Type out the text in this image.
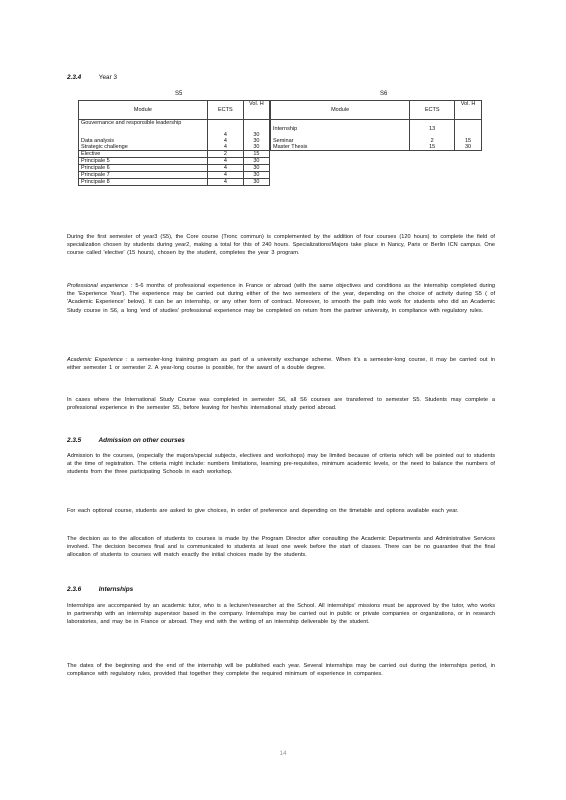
2.3.4	Year 3
S5	S6
Module	ECTS	Vol. H
Gouvernance and responsible leadership	4	30
Data analysis	4	30
Strategic challenge	4	30
Elective	2	15
Principale 5	4	30
Principale 6	4	30
Principale 7	4	30
Principale 8	4	30
Module	ECTS	Vol. H
Internship	13	
Seminar	2	15
Master Thesis	15	30
During the first semester of year3 (S5), the Core course (Tronc commun) is complemented by the addition of four courses (120 hours) to complete the field of specialization chosen by students during year2, making a total for this of 240 hours. Specializations/Majors take place in Nancy, Paris or Berlin ICN campus. One course called 'elective' (15 hours), chosen by the student, completes the year 3 program.
Professional experience : 5-6 months of professional experience in France or abroad (with the same objectives and conditions as the internship completed during the 'Experience Year'). The experience may be carried out during either of the two semesters of the year, depending on the choice of activity during S5 ( of 'Academic Experience' below). It can be an internship, or any other form of contract. Moreover, to smooth the path into work for students who did an Academic Study course in S6, a long 'end of studies' professional experience may be completed on return from the partner university, in compliance with regulatory rules.
Academic Experience : a semester-long training program as part of a university exchange scheme. When it's a semester-long course, it may be carried out in either semester 1 or semester 2. A year-long course is possible, for the award of a double degree.
In cases where the International Study Course was completed in semester S6, all S6 courses are transferred to semester S5. Students may complete a professional experience in the semester S5, before leaving for her/his international study period abroad.
2.3.5	Admission on other courses
Admission to the courses, (especially the majors/special subjects, electives and workshops) may be limited because of criteria which will be pointed out to students at the time of registration. The criteria might include: numbers limitations, learning pre-requisites, minimum academic levels, or the need to balance the numbers of students from the three participating Schools in each workshop.
For each optional course, students are asked to give choices, in order of preference and depending on the timetable and options available each year.
The decision as to the allocation of students to courses is made by the Program Director after consulting the Academic Departments and Administrative Services involved. The decision becomes final and is communicated to students at least one week before the start of classes. There can be no guarantee that the final allocation of students to courses will match exactly the initial choices made by the students.
2.3.6	Internships
Internships are accompanied by an academic tutor, who is a lecturer/researcher at the School. All internships' missions must be approved by the tutor, who works in partnership with an internship supervisor based in the company. Internships may be carried out in public or private companies or organizations, or in research laboratories, and may be in France or abroad. They end with the writing of an internship deliverable by the student.
The dates of the beginning and the end of the internship will be published each year. Several internships may be carried out during the internships period, in compliance with regulatory rules, provided that together they complete the required minimum of experience in companies.
14
